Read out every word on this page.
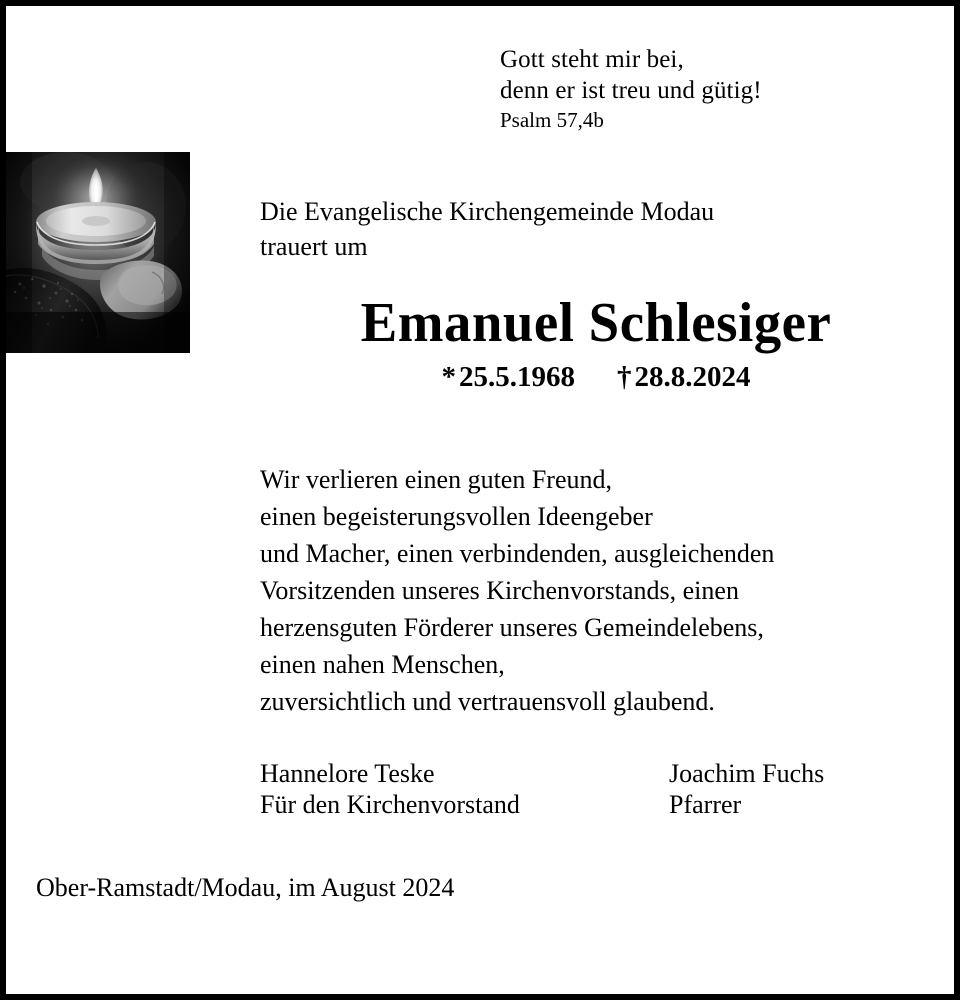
Gott steht mir bei,
denn er ist treu und gütig!
Psalm 57,4b
Die Evangelische Kirchengemeinde Modau
trauert um
Emanuel Schlesiger
* 25.5.1968 † 28.8.2024
Wir verlieren einen guten Freund,
einen begeisterungsvollen Ideengeber
und Macher, einen verbindenden, ausgleichenden
Vorsitzenden unseres Kirchenvorstands, einen
herzensguten Förderer unseres Gemeindelebens,
einen nahen Menschen,
zuversichtlich und vertrauensvoll glaubend.
Hannelore Teske	Joachim Fuchs
Für den Kirchenvorstand	Pfarrer
Ober-Ramstadt/Modau, im August 2024
